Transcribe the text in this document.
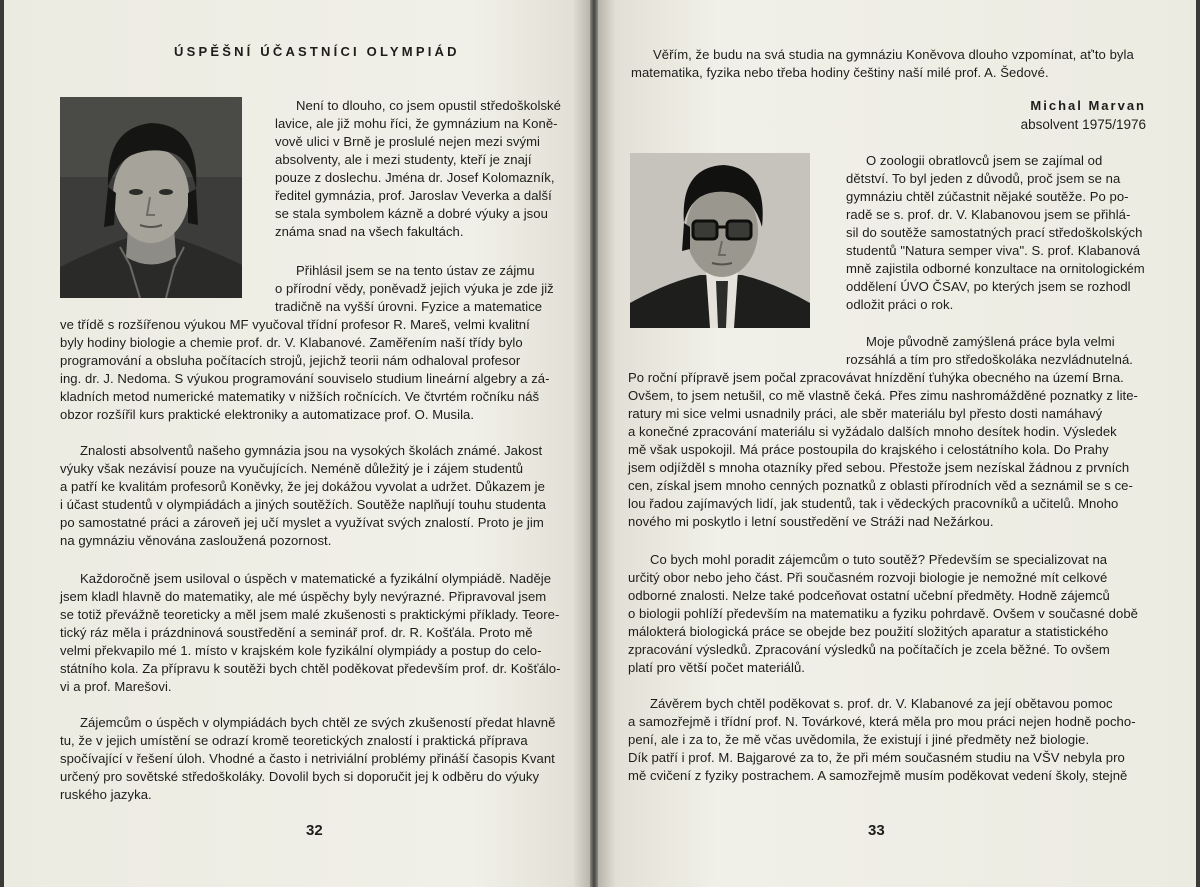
ÚSPĚŠNÍ ÚČASTNÍCI OLYMPIÁD
Není to dlouho, co jsem opustil středoškolské
lavice, ale již mohu říci, že gymnázium na Koně-
vově ulici v Brně je proslulé nejen mezi svými
absolventy, ale i mezi studenty, kteří je znají
pouze z doslechu. Jména dr. Josef Kolomazník,
ředitel gymnázia, prof. Jaroslav Veverka a další
se stala symbolem kázně a dobré výuky a jsou
známa snad na všech fakultách.
Přihlásil jsem se na tento ústav ze zájmu
o přírodní vědy, poněvadž jejich výuka je zde již
tradičně na vyšší úrovni. Fyzice a matematice
ve třídě s rozšířenou výukou MF vyučoval třídní profesor R. Mareš, velmi kvalitní
byly hodiny biologie a chemie prof. dr. V. Klabanové. Zaměřením naší třídy bylo
programování a obsluha počítacích strojů, jejichž teorii nám odhaloval profesor
ing. dr. J. Nedoma. S výukou programování souviselo studium lineární algebry a zá-
kladních metod numerické matematiky v nižších ročnících. Ve čtvrtém ročníku náš
obzor rozšířil kurs praktické elektroniky a automatizace prof. O. Musila.
Znalosti absolventů našeho gymnázia jsou na vysokých školách známé. Jakost
výuky však nezávisí pouze na vyučujících. Neméně důležitý je i zájem studentů
a patří ke kvalitám profesorů Koněvky, že jej dokážou vyvolat a udržet. Důkazem je
i účast studentů v olympiádách a jiných soutěžích. Soutěže naplňují touhu studenta
po samostatné práci a zároveň jej učí myslet a využívat svých znalostí. Proto je jim
na gymnáziu věnována zasloužená pozornost.
Každoročně jsem usiloval o úspěch v matematické a fyzikální olympiádě. Naděje
jsem kladl hlavně do matematiky, ale mé úspěchy byly nevýrazné. Připravoval jsem
se totiž převážně teoreticky a měl jsem malé zkušenosti s praktickými příklady. Teore-
tický ráz měla i prázdninová soustředění a seminář prof. dr. R. Košťála. Proto mě
velmi překvapilo mé 1. místo v krajském kole fyzikální olympiády a postup do celo-
státního kola. Za přípravu k soutěži bych chtěl poděkovat především prof. dr. Košťálo-
vi a prof. Marešovi.
Zájemcům o úspěch v olympiádách bych chtěl ze svých zkušeností předat hlavně
tu, že v jejich umístění se odrazí kromě teoretických znalostí i praktická příprava
spočívající v řešení úloh. Vhodné a často i netriviální problémy přináší časopis Kvant
určený pro sovětské středoškoláky. Dovolil bych si doporučit jej k odběru do výuky
ruského jazyka.
32
Věřím, že budu na svá studia na gymnáziu Koněvova dlouho vzpomínat, ať'to byla
matematika, fyzika nebo třeba hodiny češtiny naší milé prof. A. Šedové.
Michal Marvan
absolvent 1975/1976
O zoologii obratlovců jsem se zajímal od
dětství. To byl jeden z důvodů, proč jsem se na
gymnáziu chtěl zúčastnit nějaké soutěže. Po po-
radě se s. prof. dr. V. Klabanovou jsem se přihlá-
sil do soutěže samostatných prací středoškolských
studentů "Natura semper viva". S. prof. Klabanová
mně zajistila odborné konzultace na ornitologickém
oddělení ÚVO ČSAV, po kterých jsem se rozhodl
odložit práci o rok.
Moje původně zamýšlená práce byla velmi
rozsáhlá a tím pro středoškoláka nezvládnutelná.
Po roční přípravě jsem počal zpracovávat hnízdění ťuhýka obecného na území Brna.
Ovšem, to jsem netušil, co mě vlastně čeká. Přes zimu nashromážděné poznatky z lite-
ratury mi sice velmi usnadnily práci, ale sběr materiálu byl přesto dosti namáhavý
a konečné zpracování materiálu si vyžádalo dalších mnoho desítek hodin. Výsledek
mě však uspokojil. Má práce postoupila do krajského i celostátního kola. Do Prahy
jsem odjížděl s mnoha otazníky před sebou. Přestože jsem nezískal žádnou z prvních
cen, získal jsem mnoho cenných poznatků z oblasti přírodních věd a seznámil se s ce-
lou řadou zajímavých lidí, jak studentů, tak i vědeckých pracovníků a učitelů. Mnoho
nového mi poskytlo i letní soustředění ve Stráži nad Nežárkou.
Co bych mohl poradit zájemcům o tuto soutěž? Především se specializovat na
určitý obor nebo jeho část. Při současném rozvoji biologie je nemožné mít celkové
odborné znalosti. Nelze také podceňovat ostatní učební předměty. Hodně zájemců
o biologii pohlíží především na matematiku a fyziku pohrdavě. Ovšem v současné době
málokterá biologická práce se obejde bez použití složitých aparatur a statistického
zpracování výsledků. Zpracování výsledků na počítačích je zcela běžné. To ovšem
platí pro větší počet materiálů.
Závěrem bych chtěl poděkovat s. prof. dr. V. Klabanové za její obětavou pomoc
a samozřejmě i třídní prof. N. Továrkové, která měla pro mou práci nejen hodně pocho-
pení, ale i za to, že mě včas uvědomila, že existují i jiné předměty než biologie.
Dík patří i prof. M. Bajgarové za to, že při mém současném studiu na VŠV nebyla pro
mě cvičení z fyziky postrachem. A samozřejmě musím poděkovat vedení školy, stejně
33
